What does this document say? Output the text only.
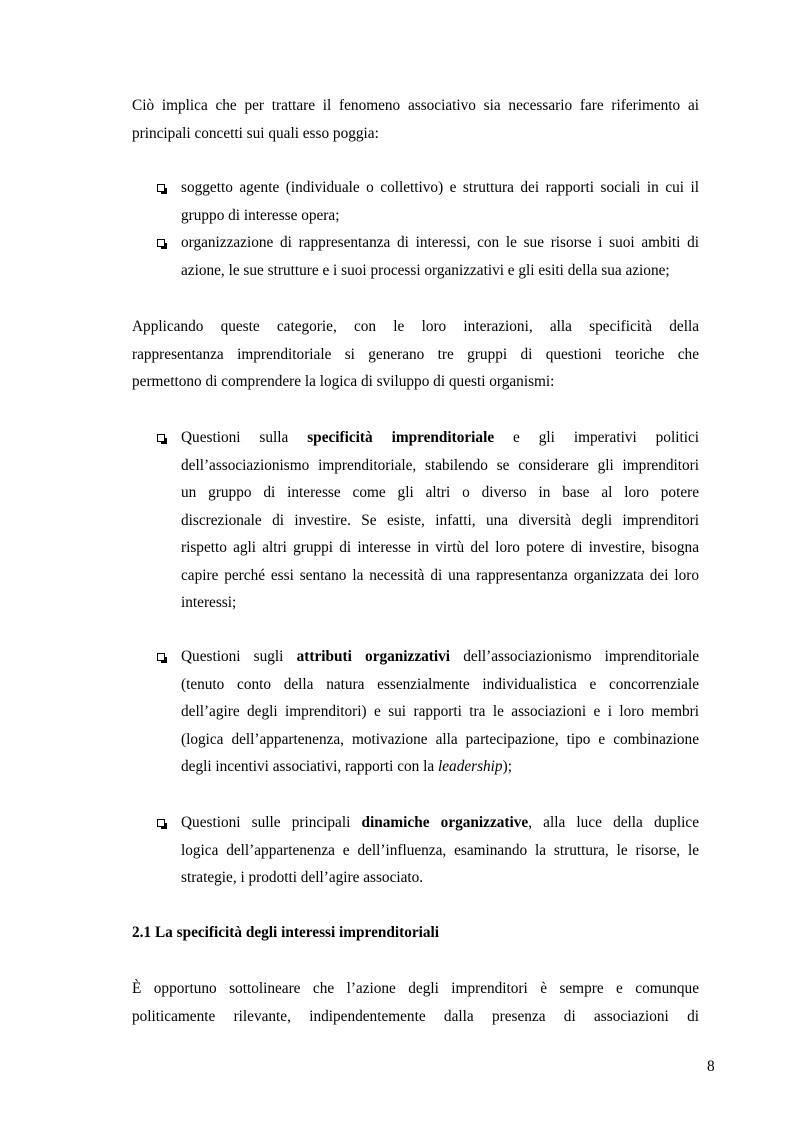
Ciò implica che per trattare il fenomeno associativo sia necessario fare riferimento ai
principali concetti sui quali esso poggia:

soggetto agente (individuale o collettivo) e struttura dei rapporti sociali in cui il
gruppo di interesse opera;
organizzazione di rappresentanza di interessi, con le sue risorse i suoi ambiti di
azione, le sue strutture e i suoi processi organizzativi e gli esiti della sua azione;

Applicando queste categorie, con le loro interazioni, alla specificità della
rappresentanza imprenditoriale si generano tre gruppi di questioni teoriche che
permettono di comprendere la logica di sviluppo di questi organismi:

Questioni sulla specificità imprenditoriale e gli imperativi politici
dell’associazionismo imprenditoriale, stabilendo se considerare gli imprenditori
un gruppo di interesse come gli altri o diverso in base al loro potere
discrezionale di investire. Se esiste, infatti, una diversità degli imprenditori
rispetto agli altri gruppi di interesse in virtù del loro potere di investire, bisogna
capire perché essi sentano la necessità di una rappresentanza organizzata dei loro
interessi;
Questioni sugli attributi organizzativi dell’associazionismo imprenditoriale
(tenuto conto della natura essenzialmente individualistica e concorrenziale
dell’agire degli imprenditori) e sui rapporti tra le associazioni e i loro membri
(logica dell’appartenenza, motivazione alla partecipazione, tipo e combinazione
degli incentivi associativi, rapporti con la leadership);
Questioni sulle principali dinamiche organizzative, alla luce della duplice
logica dell’appartenenza e dell’influenza, esaminando la struttura, le risorse, le
strategie, i prodotti dell’agire associato.
2.1 La specificità degli interessi imprenditoriali

È opportuno sottolineare che l’azione degli imprenditori è sempre e comunque
politicamente rilevante, indipendentemente dalla presenza di associazioni di

8
